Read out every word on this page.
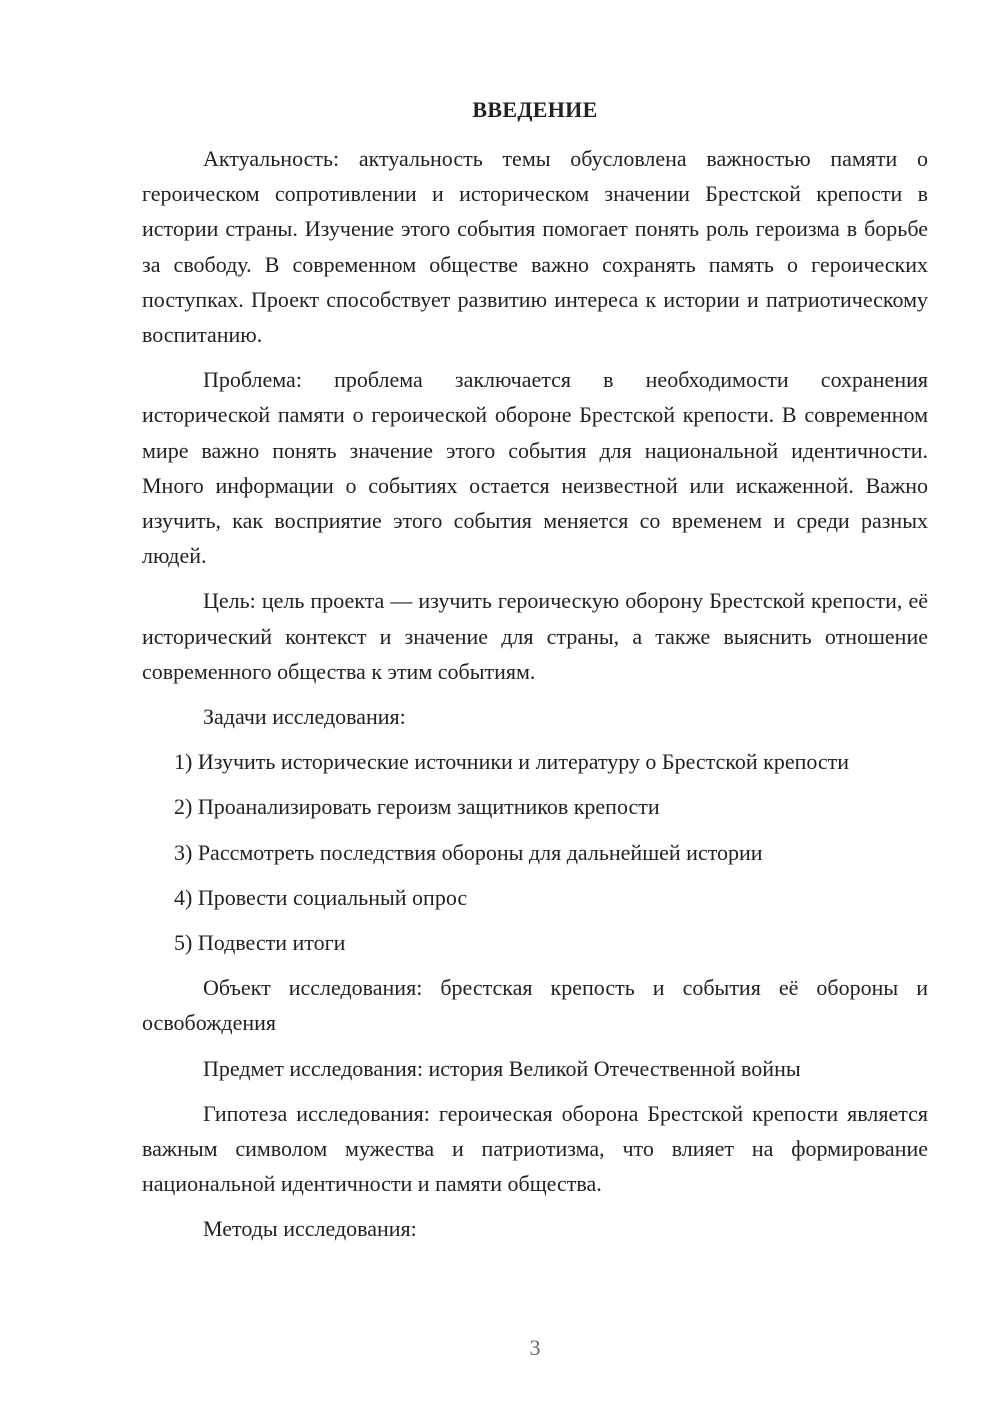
ВВЕДЕНИЕ

Актуальность: актуальность темы обусловлена важностью памяти о героическом сопротивлении и историческом значении Брестской крепости в истории страны. Изучение этого события помогает понять роль героизма в борьбе за свободу. В современном обществе важно сохранять память о героических поступках. Проект способствует развитию интереса к истории и патриотическому воспитанию.

Проблема: проблема заключается в необходимости сохранения исторической памяти о героической обороне Брестской крепости. В современном мире важно понять значение этого события для национальной идентичности. Много информации о событиях остается неизвестной или искаженной. Важно изучить, как восприятие этого события меняется со временем и среди разных людей.

Цель: цель проекта — изучить героическую оборону Брестской крепости, её исторический контекст и значение для страны, а также выяснить отношение современного общества к этим событиям.

Задачи исследования:

1) Изучить исторические источники и литературу о Брестской крепости

2) Проанализировать героизм защитников крепости

3) Рассмотреть последствия обороны для дальнейшей истории

4) Провести социальный опрос

5) Подвести итоги

Объект исследования: брестская крепость и события её обороны и освобождения

Предмет исследования: история Великой Отечественной войны

Гипотеза исследования: героическая оборона Брестской крепости является важным символом мужества и патриотизма, что влияет на формирование национальной идентичности и памяти общества.

Методы исследования:

3
